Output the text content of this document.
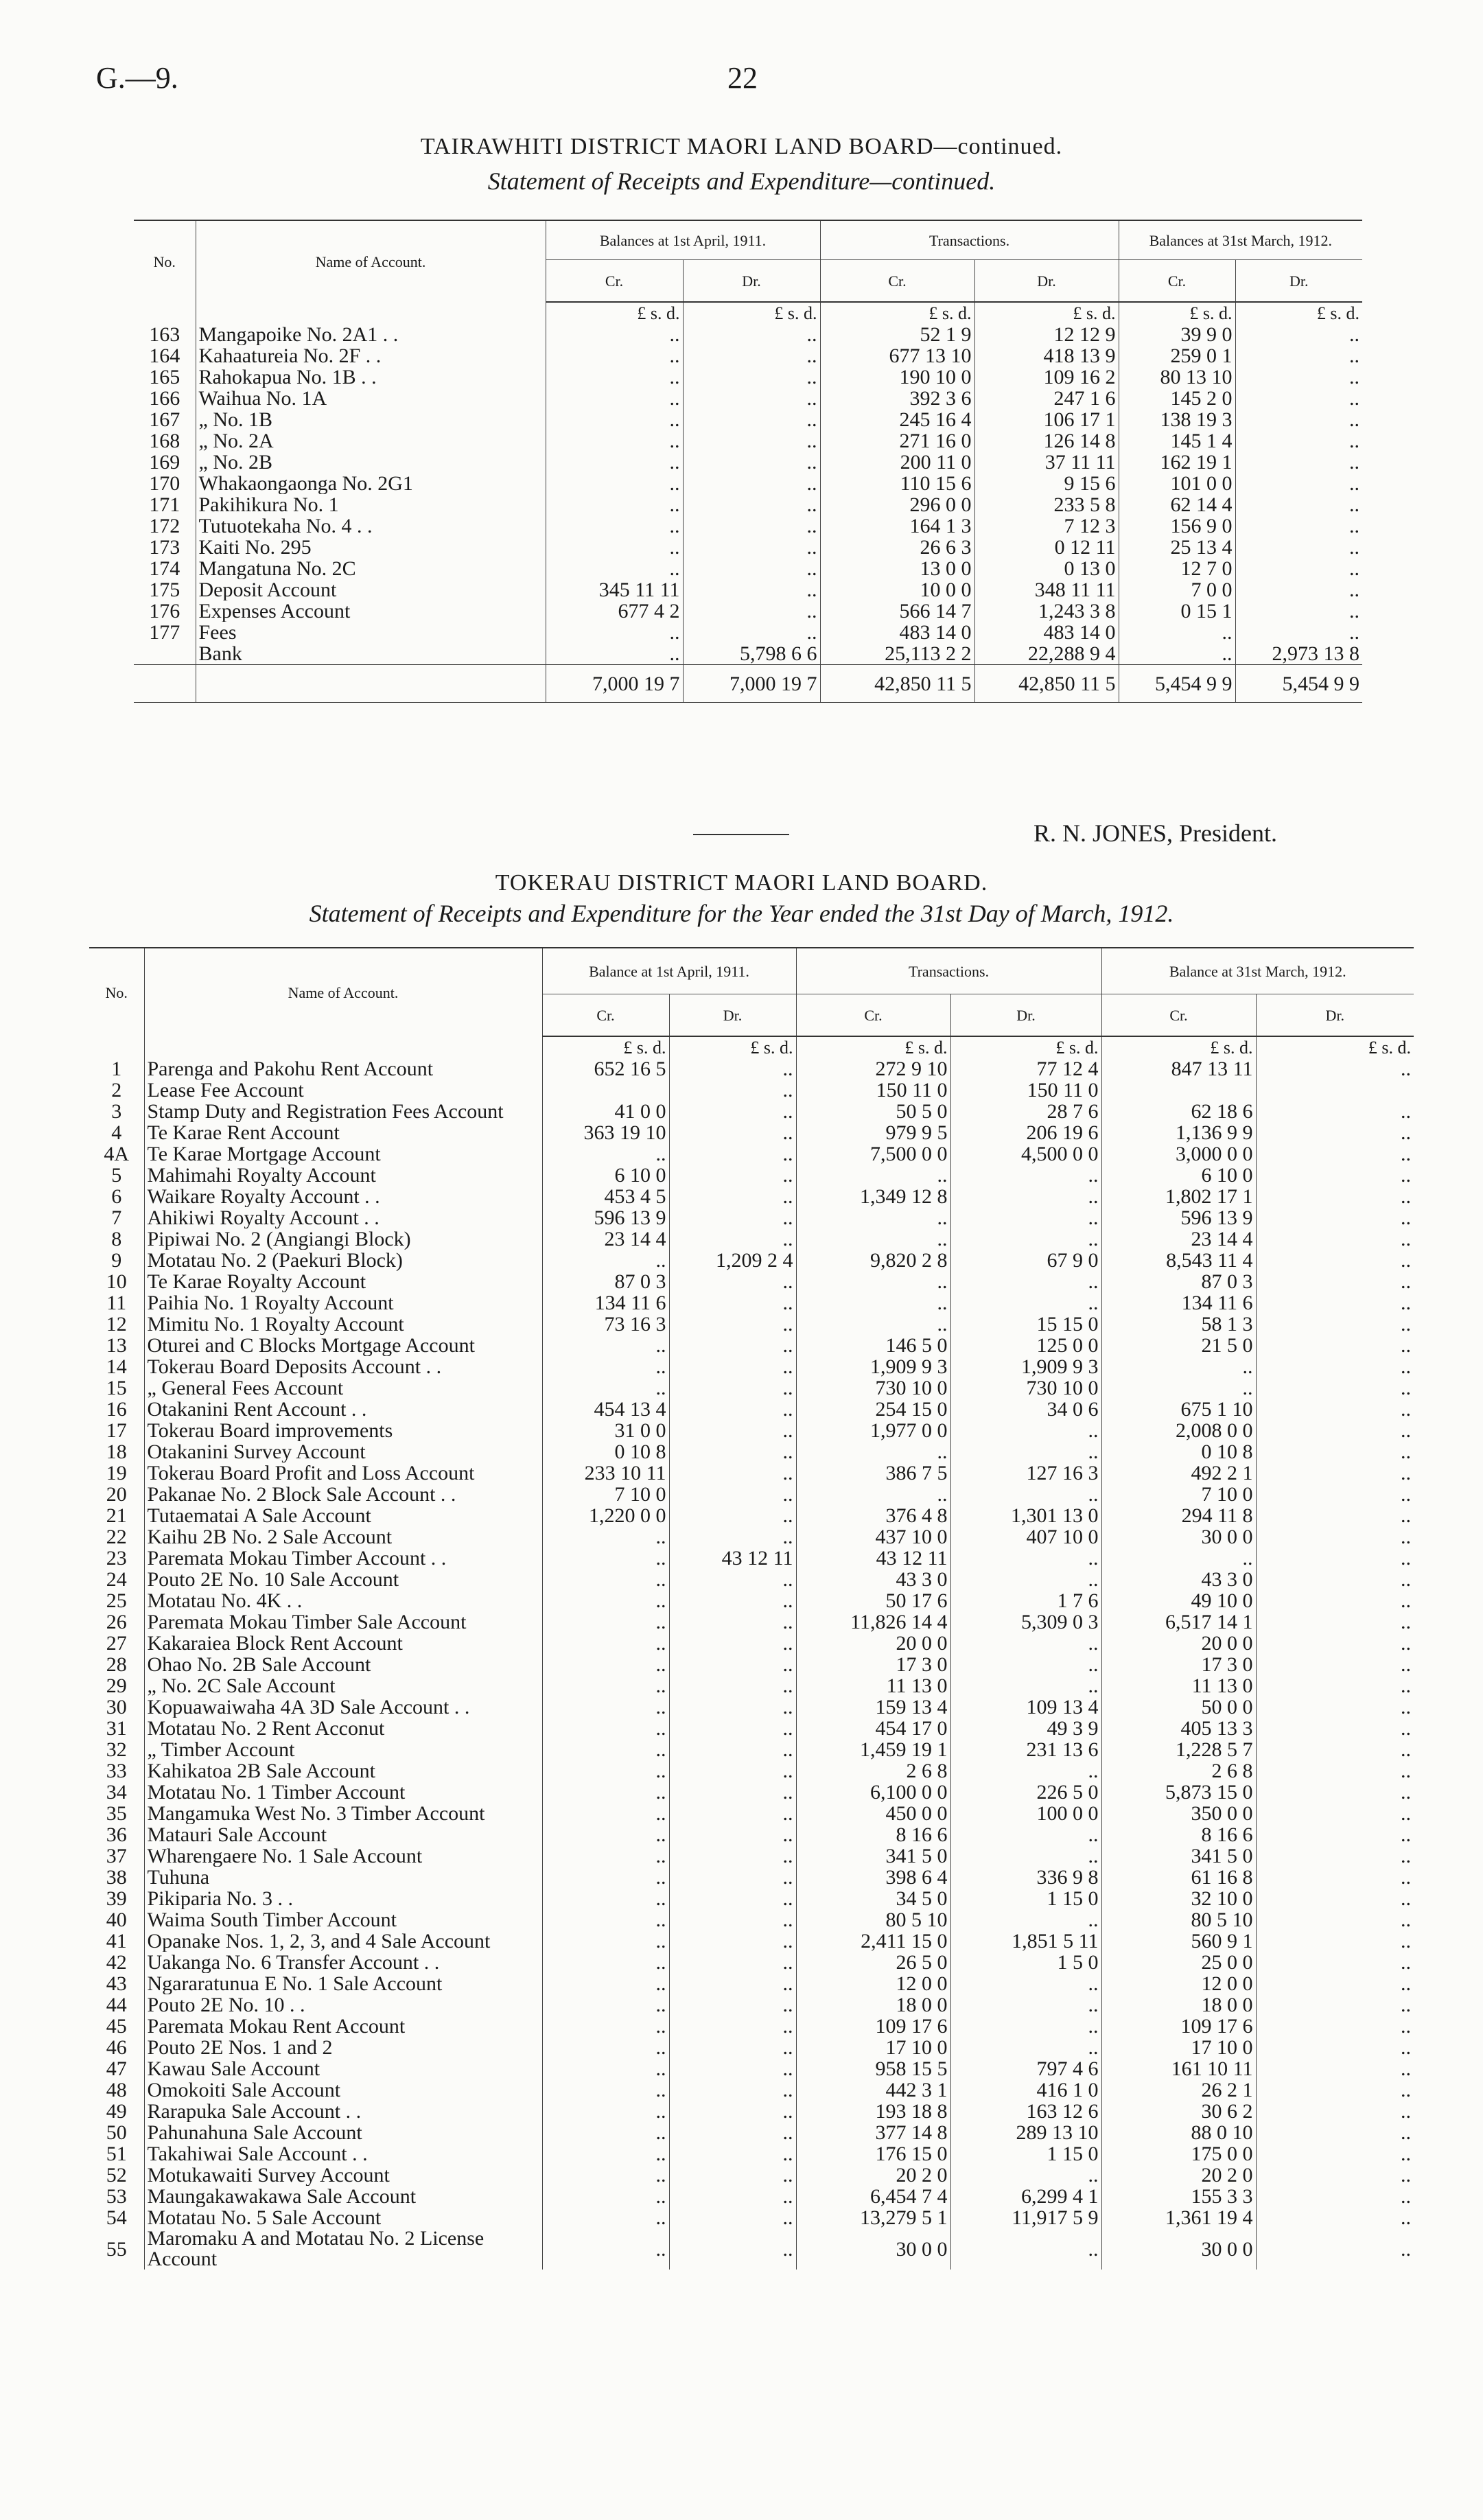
G.—9.	22
TAIRAWHITI DISTRICT MAORI LAND BOARD—continued.
Statement of Receipts and Expenditure—continued.
No.	Name of Account.	Balances at 1st April, 1911.		Transactions.		Balances at 31st March, 1912.	
		Cr.	Dr.	Cr.	Dr.	Cr.	Dr.
		£ s. d.	£ s. d.	£ s. d.	£ s. d.	£ s. d.	£ s. d.
163	Mangapoike No. 2A1 . .	..	..	52 1 9	12 12 9	39 9 0	..
164	Kahaatureia No. 2F . .	..	..	677 13 10	418 13 9	259 0 1	..
165	Rahokapua No. 1B . .	..	..	190 10 0	109 16 2	80 13 10	..
166	Waihua No. 1A	..	..	392 3 6	247 1 6	145 2 0	..
167	„ No. 1B	..	..	245 16 4	106 17 1	138 19 3	..
168	„ No. 2A	..	..	271 16 0	126 14 8	145 1 4	..
169	„ No. 2B	..	..	200 11 0	37 11 11	162 19 1	..
170	Whakaongaonga No. 2G1	..	..	110 15 6	9 15 6	101 0 0	..
171	Pakihikura No. 1	..	..	296 0 0	233 5 8	62 14 4	..
172	Tutuotekaha No. 4 . .	..	..	164 1 3	7 12 3	156 9 0	..
173	Kaiti No. 295	..	..	26 6 3	0 12 11	25 13 4	..
174	Mangatuna No. 2C	..	..	13 0 0	0 13 0	12 7 0	..
175	Deposit Account	345 11 11	..	10 0 0	348 11 11	7 0 0	..
176	Expenses Account	677 4 2	..	566 14 7	1,243 3 8	0 15 1	..
177	Fees	..	..	483 14 0	483 14 0	..	..
	Bank	..	5,798 6 6	25,113 2 2	22,288 9 4	..	2,973 13 8
		7,000 19 7	7,000 19 7	42,850 11 5	42,850 11 5	5,454 9 9	5,454 9 9
R. N. JONES, President.
TOKERAU DISTRICT MAORI LAND BOARD.
Statement of Receipts and Expenditure for the Year ended the 31st Day of March, 1912.
No.	Name of Account.	Balance at 1st April, 1911.		Transactions.		Balance at 31st March, 1912.	
		Cr.	Dr.	Cr.	Dr.	Cr.	Dr.
		£ s. d.	£ s. d.	£ s. d.	£ s. d.	£ s. d.	£ s. d.
1	Parenga and Pakohu Rent Account	652 16 5	..	272 9 10	77 12 4	847 13 11	..
2	Lease Fee Account		..	150 11 0	150 11 0		
3	Stamp Duty and Registration Fees Account	41 0 0	..	50 5 0	28 7 6	62 18 6	..
4	Te Karae Rent Account	363 19 10	..	979 9 5	206 19 6	1,136 9 9	..
4A	Te Karae Mortgage Account	..	..	7,500 0 0	4,500 0 0	3,000 0 0	..
5	Mahimahi Royalty Account	6 10 0	..	..	..	6 10 0	..
6	Waikare Royalty Account . .	453 4 5	..	1,349 12 8	..	1,802 17 1	..
7	Ahikiwi Royalty Account . .	596 13 9	..	..	..	596 13 9	..
8	Pipiwai No. 2 (Angiangi Block)	23 14 4	..	..	..	23 14 4	..
9	Motatau No. 2 (Paekuri Block)	..	1,209 2 4	9,820 2 8	67 9 0	8,543 11 4	..
10	Te Karae Royalty Account	87 0 3	..	..	..	87 0 3	..
11	Paihia No. 1 Royalty Account	134 11 6	..	..	..	134 11 6	..
12	Mimitu No. 1 Royalty Account	73 16 3	..	..	15 15 0	58 1 3	..
13	Oturei and C Blocks Mortgage Account	..	..	146 5 0	125 0 0	21 5 0	..
14	Tokerau Board Deposits Account . .	..	..	1,909 9 3	1,909 9 3	..	..
15	„ General Fees Account	..	..	730 10 0	730 10 0	..	..
16	Otakanini Rent Account . .	454 13 4	..	254 15 0	34 0 6	675 1 10	..
17	Tokerau Board improvements	31 0 0	..	1,977 0 0	..	2,008 0 0	..
18	Otakanini Survey Account	0 10 8	..	..	..	0 10 8	..
19	Tokerau Board Profit and Loss Account	233 10 11	..	386 7 5	127 16 3	492 2 1	..
20	Pakanae No. 2 Block Sale Account . .	7 10 0	..	..	..	7 10 0	..
21	Tutaematai A Sale Account	1,220 0 0	..	376 4 8	1,301 13 0	294 11 8	..
22	Kaihu 2B No. 2 Sale Account	..	..	437 10 0	407 10 0	30 0 0	..
23	Paremata Mokau Timber Account . .	..	43 12 11	43 12 11	..	..	..
24	Pouto 2E No. 10 Sale Account	..	..	43 3 0	..	43 3 0	..
25	Motatau No. 4K . .	..	..	50 17 6	1 7 6	49 10 0	..
26	Paremata Mokau Timber Sale Account	..	..	11,826 14 4	5,309 0 3	6,517 14 1	..
27	Kakaraiea Block Rent Account	..	..	20 0 0	..	20 0 0	..
28	Ohao No. 2B Sale Account	..	..	17 3 0	..	17 3 0	..
29	„ No. 2C Sale Account	..	..	11 13 0	..	11 13 0	..
30	Kopuawaiwaha 4A 3D Sale Account . .	..	..	159 13 4	109 13 4	50 0 0	..
31	Motatau No. 2 Rent Acconut	..	..	454 17 0	49 3 9	405 13 3	..
32	„ Timber Account	..	..	1,459 19 1	231 13 6	1,228 5 7	..
33	Kahikatoa 2B Sale Account	..	..	2 6 8	..	2 6 8	..
34	Motatau No. 1 Timber Account	..	..	6,100 0 0	226 5 0	5,873 15 0	..
35	Mangamuka West No. 3 Timber Account	..	..	450 0 0	100 0 0	350 0 0	..
36	Matauri Sale Account	..	..	8 16 6	..	8 16 6	..
37	Wharengaere No. 1 Sale Account	..	..	341 5 0	..	341 5 0	..
38	Tuhuna	..	..	398 6 4	336 9 8	61 16 8	..
39	Pikiparia No. 3 . .	..	..	34 5 0	1 15 0	32 10 0	..
40	Waima South Timber Account	..	..	80 5 10	..	80 5 10	..
41	Opanake Nos. 1, 2, 3, and 4 Sale Account	..	..	2,411 15 0	1,851 5 11	560 9 1	..
42	Uakanga No. 6 Transfer Account . .	..	..	26 5 0	1 5 0	25 0 0	..
43	Ngararatunua E No. 1 Sale Account	..	..	12 0 0	..	12 0 0	..
44	Pouto 2E No. 10 . .	..	..	18 0 0	..	18 0 0	..
45	Paremata Mokau Rent Account	..	..	109 17 6	..	109 17 6	..
46	Pouto 2E Nos. 1 and 2	..	..	17 10 0	..	17 10 0	..
47	Kawau Sale Account	..	..	958 15 5	797 4 6	161 10 11	..
48	Omokoiti Sale Account	..	..	442 3 1	416 1 0	26 2 1	..
49	Rarapuka Sale Account . .	..	..	193 18 8	163 12 6	30 6 2	..
50	Pahunahuna Sale Account	..	..	377 14 8	289 13 10	88 0 10	..
51	Takahiwai Sale Account . .	..	..	176 15 0	1 15 0	175 0 0	..
52	Motukawaiti Survey Account	..	..	20 2 0	..	20 2 0	..
53	Maungakawakawa Sale Account	..	..	6,454 7 4	6,299 4 1	155 3 3	..
54	Motatau No. 5 Sale Account	..	..	13,279 5 1	11,917 5 9	1,361 19 4	..
55	Maromaku A and Motatau No. 2 License Account	..	..	30 0 0	..	30 0 0	..
